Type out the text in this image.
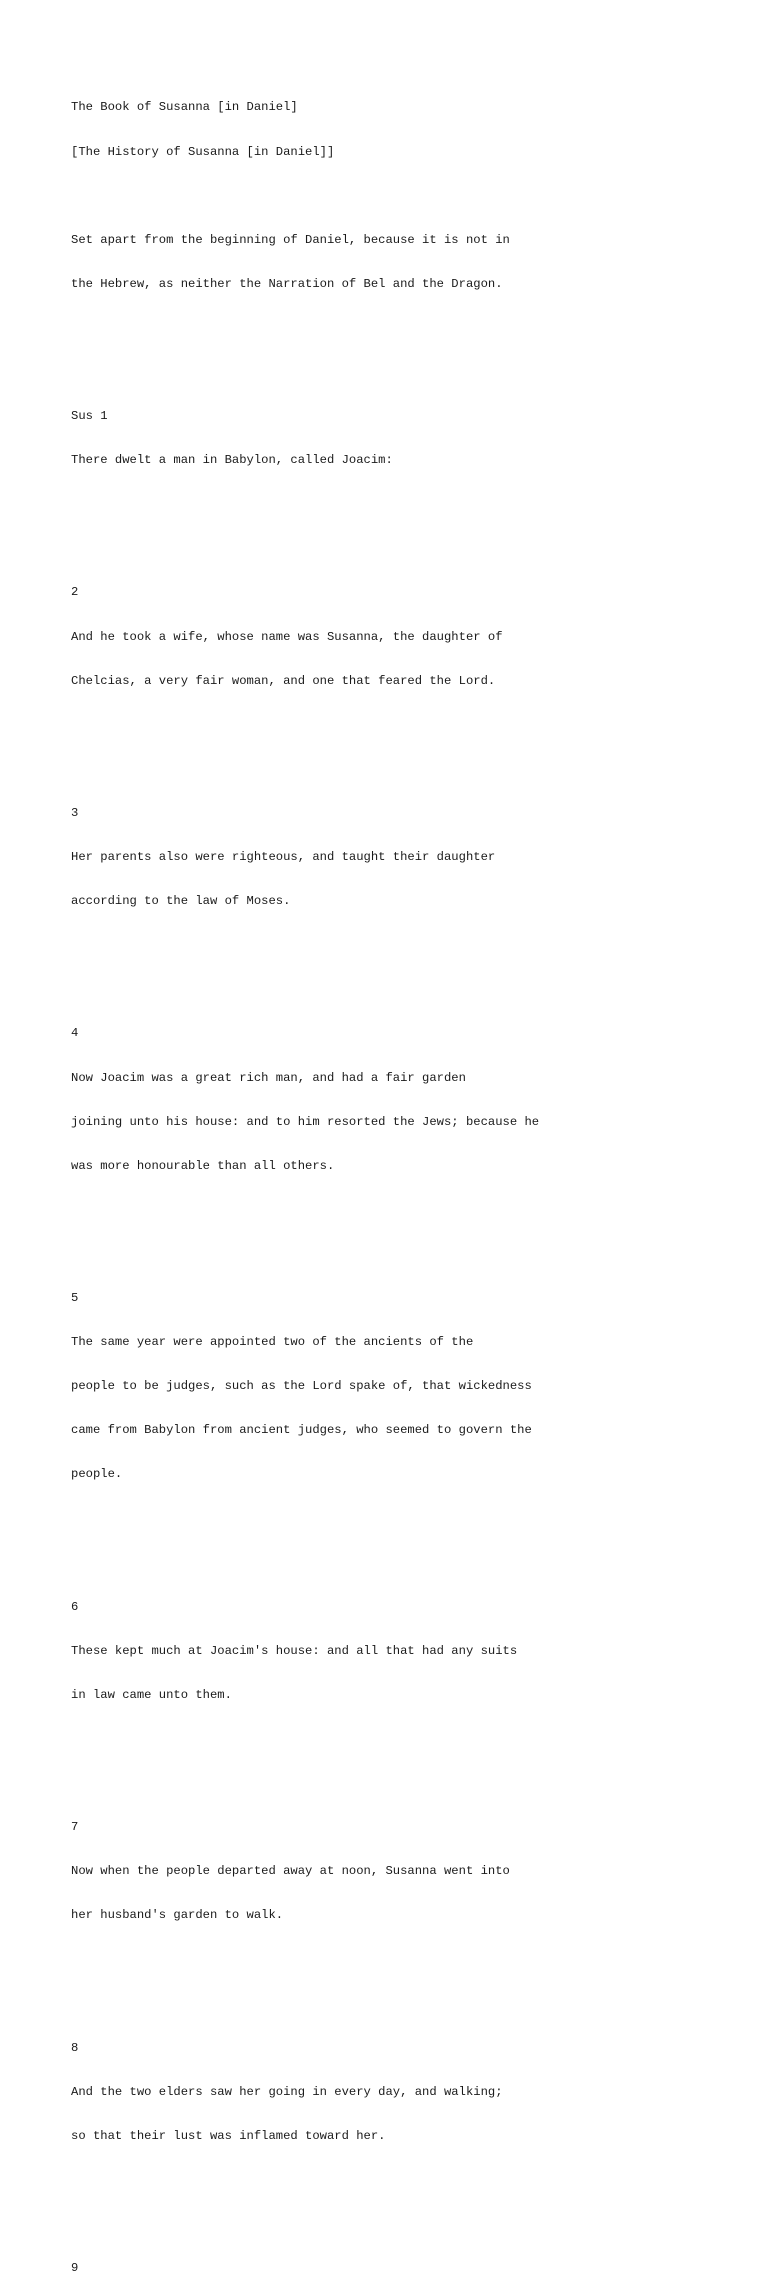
The Book of Susanna [in Daniel]

[The History of Susanna [in Daniel]]

Set apart from the beginning of Daniel, because it is not in

the Hebrew, as neither the Narration of Bel and the Dragon.

Sus 1

There dwelt a man in Babylon, called Joacim:

2

And he took a wife, whose name was Susanna, the daughter of

Chelcias, a very fair woman, and one that feared the Lord.

3

Her parents also were righteous, and taught their daughter

according to the law of Moses.

4

Now Joacim was a great rich man, and had a fair garden

joining unto his house: and to him resorted the Jews; because he

was more honourable than all others.

5

The same year were appointed two of the ancients of the

people to be judges, such as the Lord spake of, that wickedness

came from Babylon from ancient judges, who seemed to govern the

people.

6

These kept much at Joacim's house: and all that had any suits

in law came unto them.

7

Now when the people departed away at noon, Susanna went into

her husband's garden to walk.

8

And the two elders saw her going in every day, and walking;

so that their lust was inflamed toward her.

9
